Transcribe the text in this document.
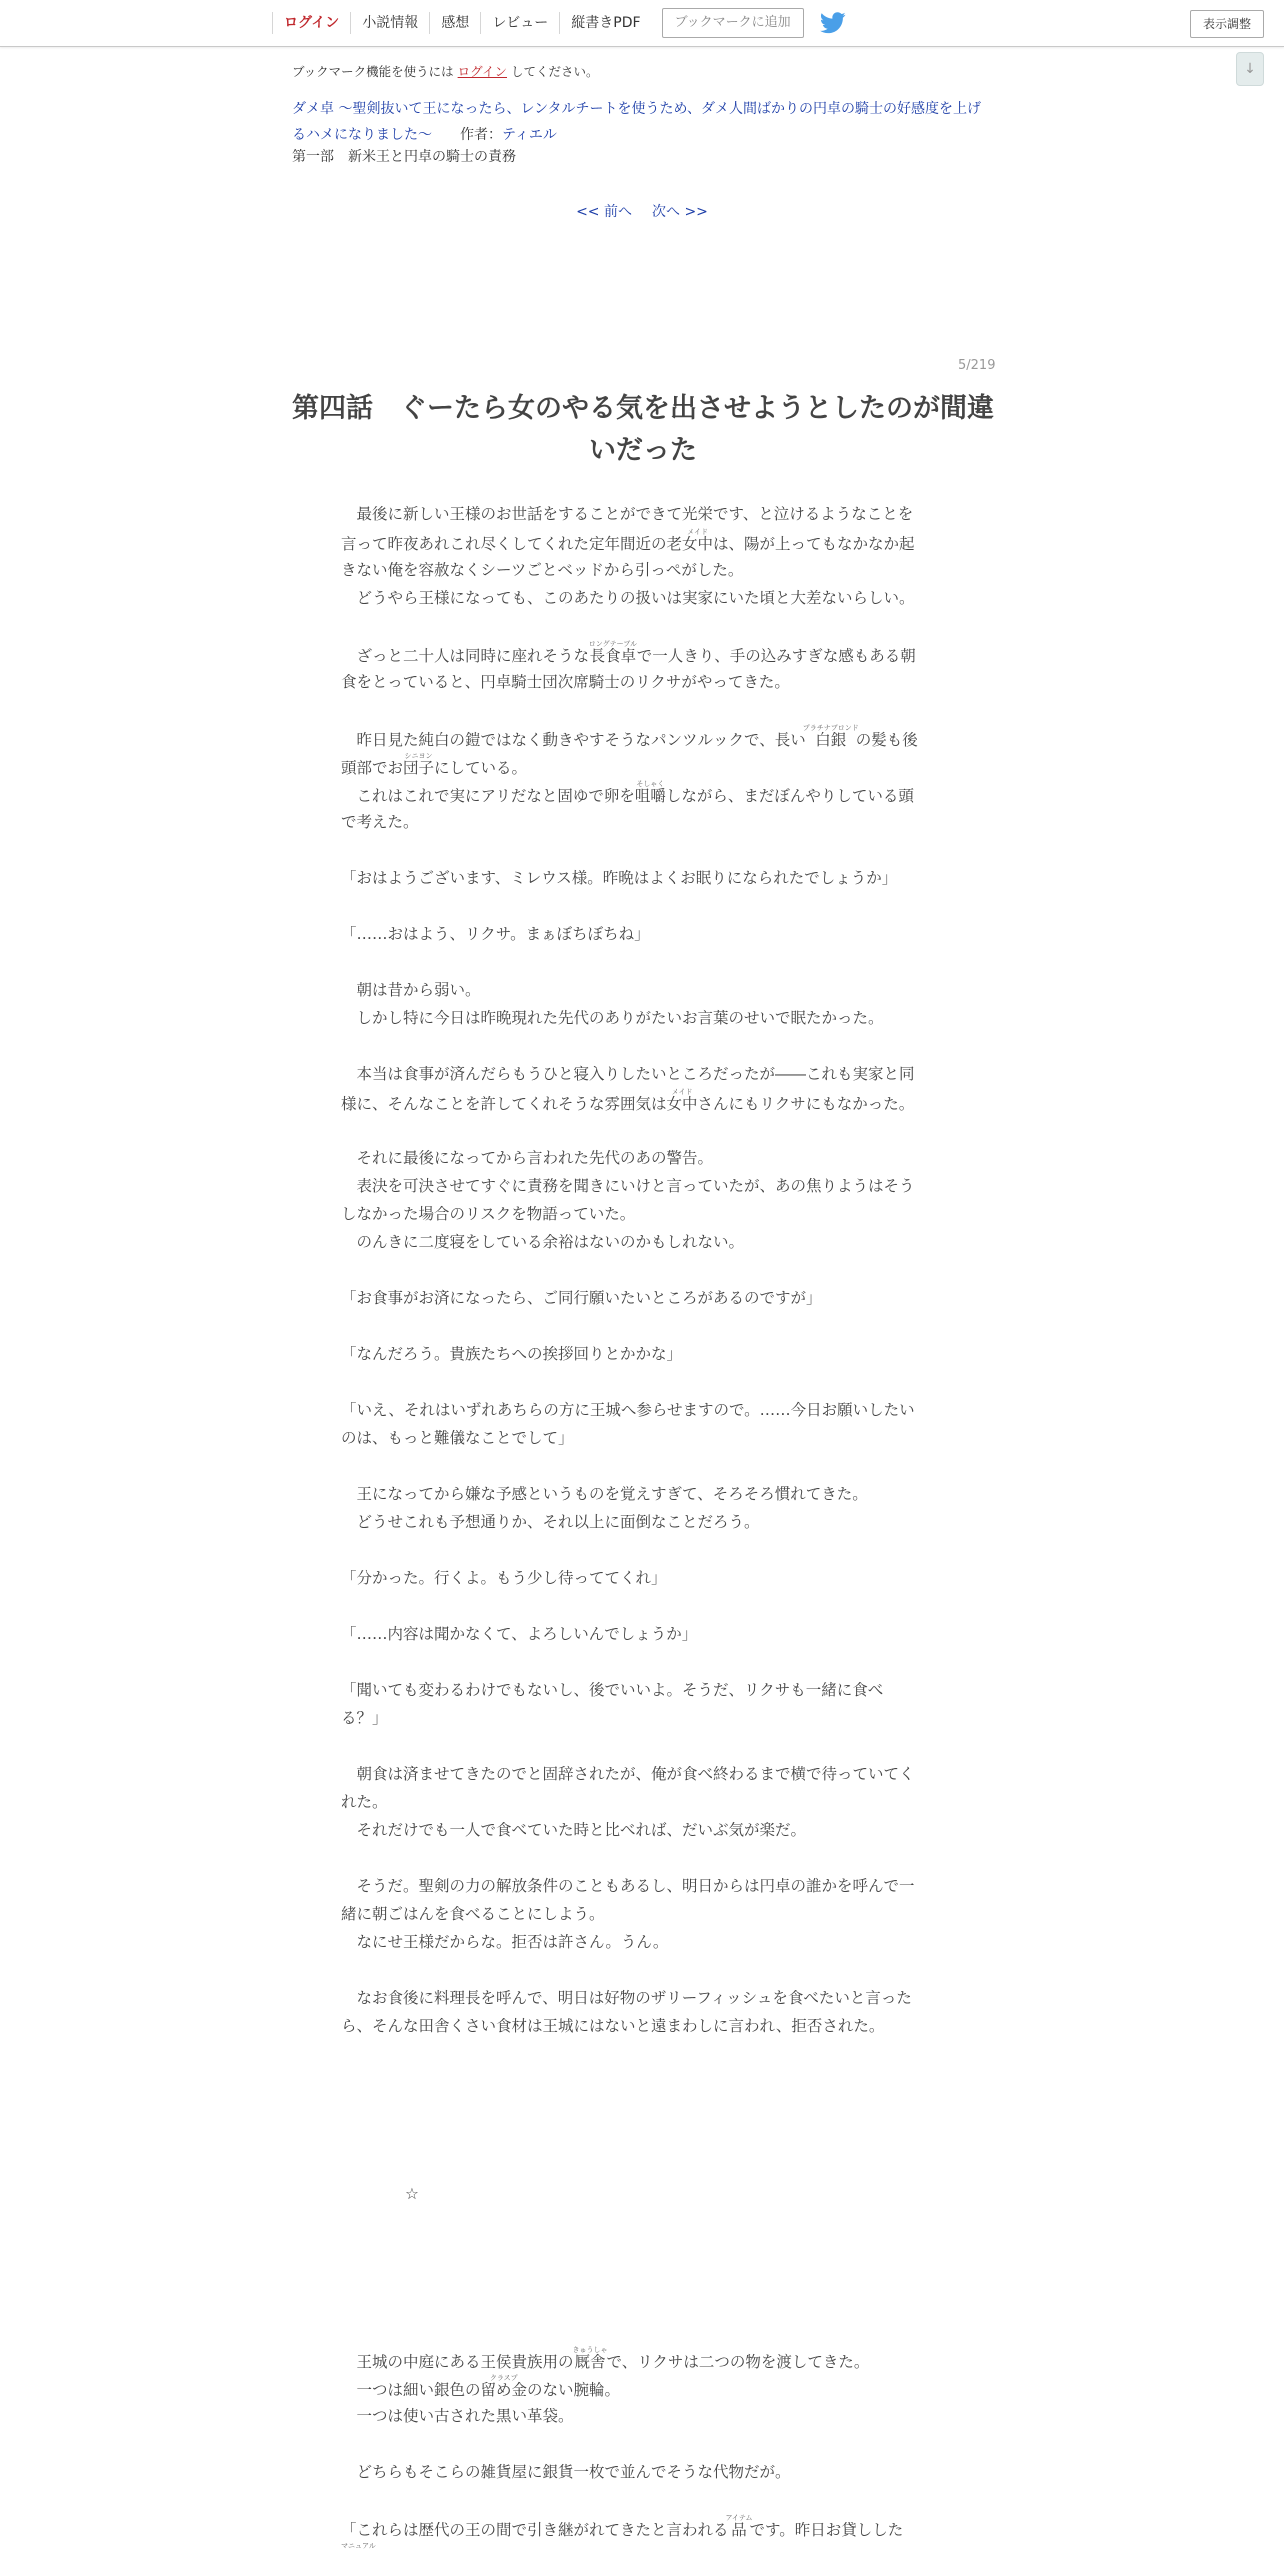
ログイン	小説情報	感想	レビュー	縦書きPDF	ブックマークに追加	表示調整
↓
ブックマーク機能を使うには ログイン してください。
ダメ卓 ～聖剣抜いて王になったら、レンタルチートを使うため、ダメ人間ばかりの円卓の騎士の好感度を上げるハメになりました～ 作者：ティエル
第一部　新米王と円卓の騎士の責務
<< 前へ 次へ >>
5/219
第四話　ぐーたら女のやる気を出させようとしたのが間違
いだった
　最後に新しい王様のお世話をすることができて光栄です、と泣けるようなことを
言って昨夜あれこれ尽くしてくれた定年間近の老女中メイドは、陽が上ってもなかなか起
きない俺を容赦なくシーツごとベッドから引っぺがした。
　どうやら王様になっても、このあたりの扱いは実家にいた頃と大差ないらしい。
　ざっと二十人は同時に座れそうな長食卓ロングテーブルで一人きり、手の込みすぎな感もある朝
食をとっていると、円卓騎士団次席騎士のリクサがやってきた。
　昨日見た純白の鎧ではなく動きやすそうなパンツルックで、長い白銀プラチナブロンドの髪も後
頭部でお団子シニヨンにしている。
　これはこれで実にアリだなと固ゆで卵を咀嚼そしゃくしながら、まだぼんやりしている頭
で考えた。
「おはようございます、ミレウス様。昨晩はよくお眠りになられたでしょうか」
「……おはよう、リクサ。まぁぼちぼちね」
　朝は昔から弱い。
　しかし特に今日は昨晩現れた先代のありがたいお言葉のせいで眠たかった。
　本当は食事が済んだらもうひと寝入りしたいところだったが――これも実家と同
様に、そんなことを許してくれそうな雰囲気は女中メイドさんにもリクサにもなかった。
　それに最後になってから言われた先代のあの警告。
　表決を可決させてすぐに責務を聞きにいけと言っていたが、あの焦りようはそう
しなかった場合のリスクを物語っていた。
　のんきに二度寝をしている余裕はないのかもしれない。
「お食事がお済になったら、ご同行願いたいところがあるのですが」
「なんだろう。貴族たちへの挨拶回りとかかな」
「いえ、それはいずれあちらの方に王城へ参らせますので。……今日お願いしたい
のは、もっと難儀なことでして」
　王になってから嫌な予感というものを覚えすぎて、そろそろ慣れてきた。
　どうせこれも予想通りか、それ以上に面倒なことだろう。
「分かった。行くよ。もう少し待っててくれ」
「……内容は聞かなくて、よろしいんでしょうか」
「聞いても変わるわけでもないし、後でいいよ。そうだ、リクサも一緒に食べ
る？」
　朝食は済ませてきたのでと固辞されたが、俺が食べ終わるまで横で待っていてく
れた。
　それだけでも一人で食べていた時と比べれば、だいぶ気が楽だ。
　そうだ。聖剣の力の解放条件のこともあるし、明日からは円卓の誰かを呼んで一
緒に朝ごはんを食べることにしよう。
　なにせ王様だからな。拒否は許さん。うん。
　なお食後に料理長を呼んで、明日は好物のザリーフィッシュを食べたいと言った
ら、そんな田舎くさい食材は王城にはないと遠まわしに言われ、拒否された。
☆
　王城の中庭にある王侯貴族用の厩舎きゅうしゃで、リクサは二つの物を渡してきた。
　一つは細い銀色の留め金クラスプのない腕輪。
　一つは使い古された黒い革袋。
　どちらもそこらの雑貨屋に銀貨一枚で並んでそうな代物だが。
「これらは歴代の王の間で引き継がれてきたと言われる品アイテムです。昨日お貸しした
　マニュアル
